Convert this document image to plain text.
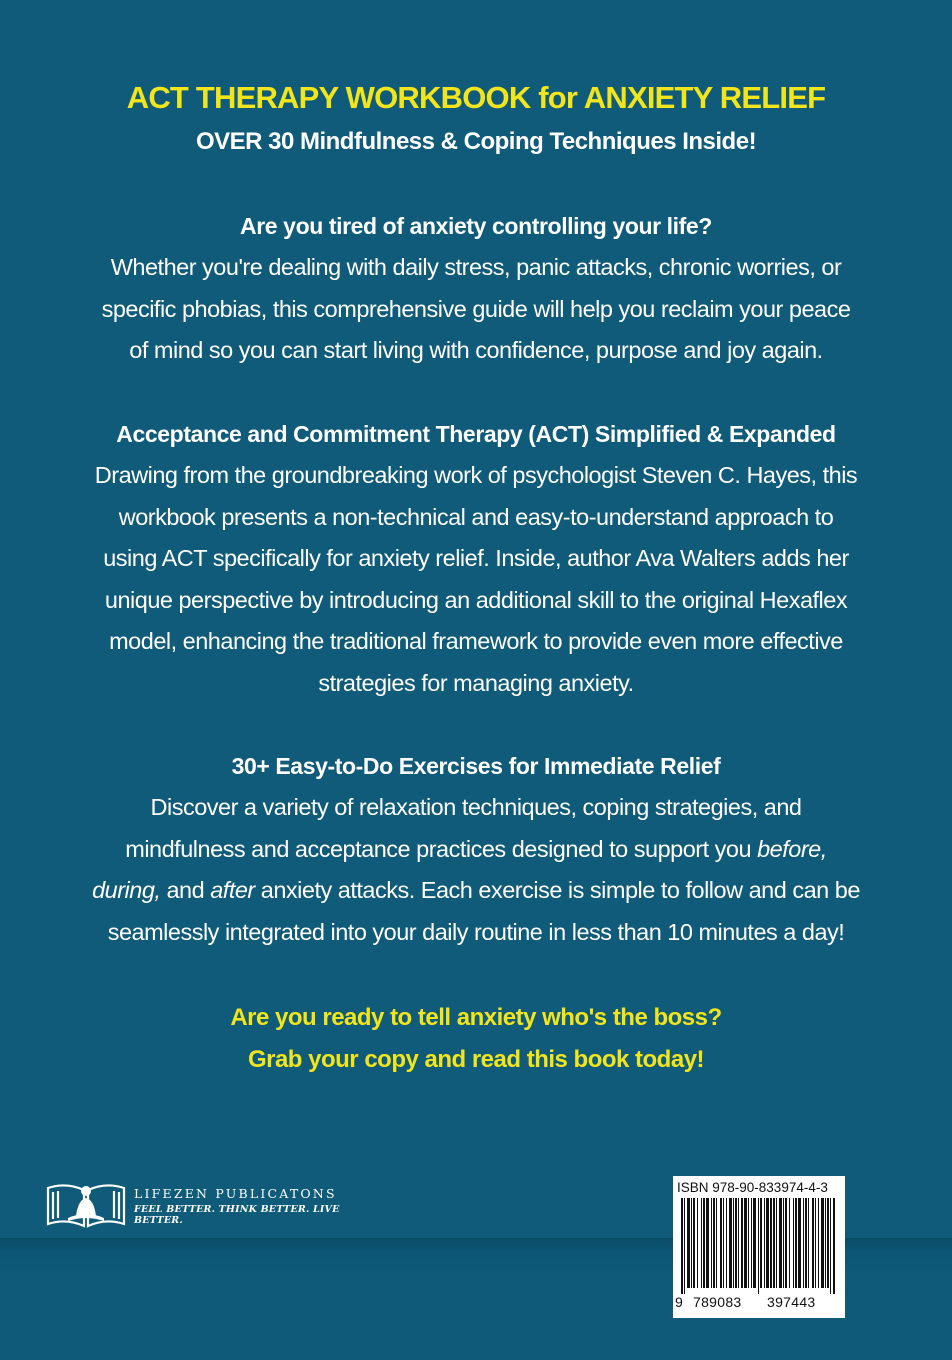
ACT THERAPY WORKBOOK for ANXIETY RELIEF
OVER 30 Mindfulness & Coping Techniques Inside!
Are you tired of anxiety controlling your life?

Whether you're dealing with daily stress, panic attacks, chronic worries, or

specific phobias, this comprehensive guide will help you reclaim your peace

of mind so you can start living with confidence, purpose and joy again.

Acceptance and Commitment Therapy (ACT) Simplified & Expanded

Drawing from the groundbreaking work of psychologist Steven C. Hayes, this

workbook presents a non-technical and easy-to-understand approach to

using ACT specifically for anxiety relief. Inside, author Ava Walters adds her

unique perspective by introducing an additional skill to the original Hexaflex

model, enhancing the traditional framework to provide even more effective

strategies for managing anxiety.

30+ Easy-to-Do Exercises for Immediate Relief

Discover a variety of relaxation techniques, coping strategies, and

mindfulness and acceptance practices designed to support you before,

during, and after anxiety attacks. Each exercise is simple to follow and can be

seamlessly integrated into your daily routine in less than 10 minutes a day!

Are you ready to tell anxiety who's the boss?
Grab your copy and read this book today!
LIFEZEN PUBLICATONS
FEEL BETTER. THINK BETTER. LIVE BETTER.
ISBN 978-90-833974-4-3
9 789083 397443
